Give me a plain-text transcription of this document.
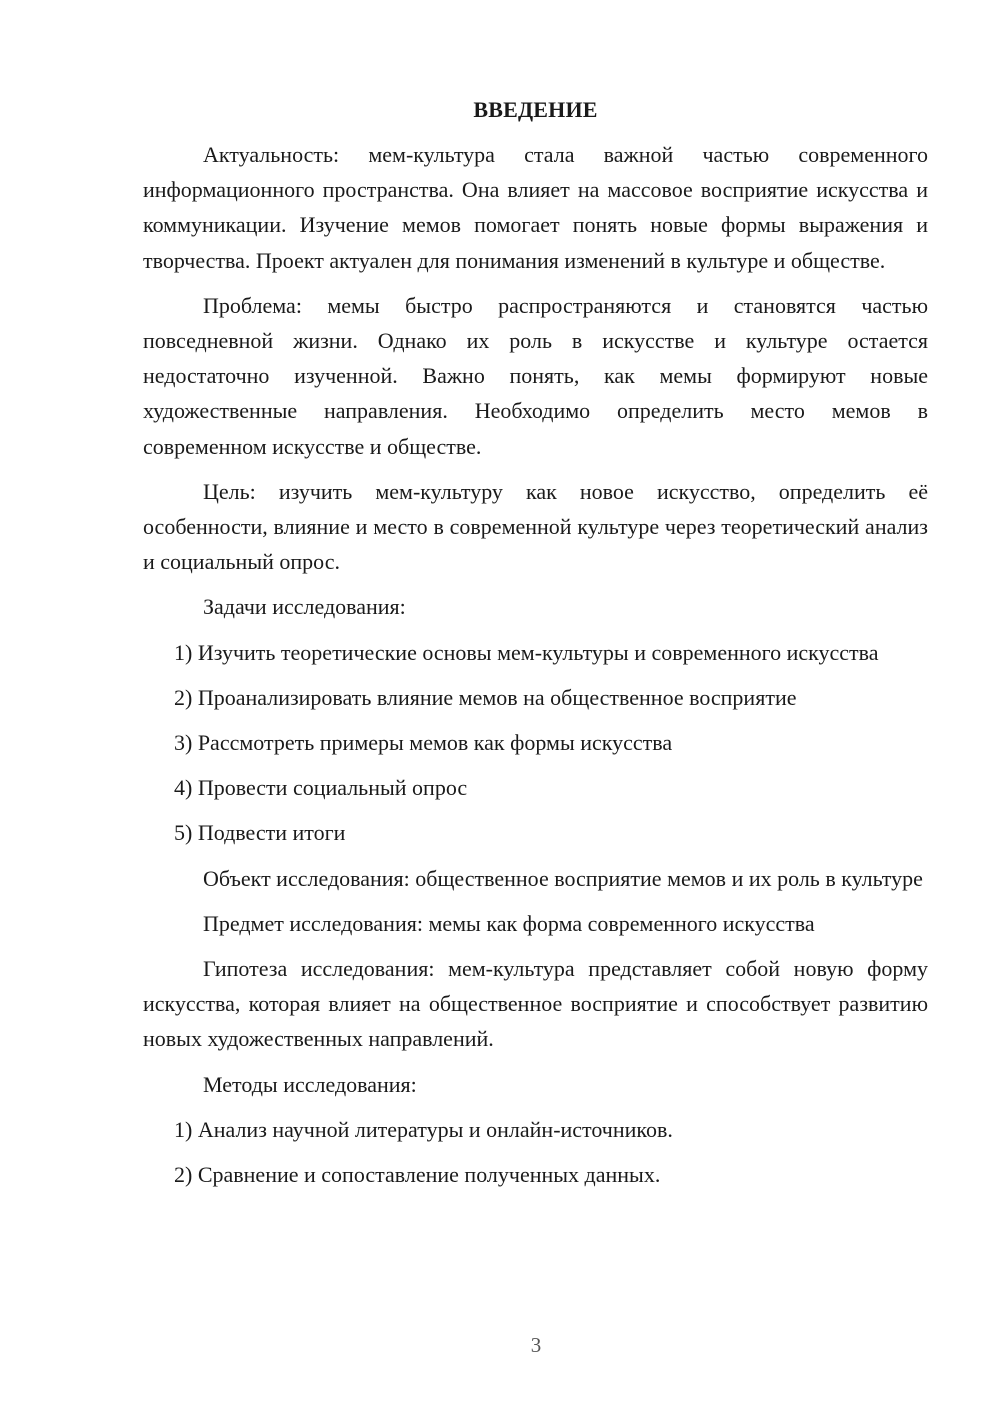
ВВЕДЕНИЕ

Актуальность: мем-культура стала важной частью современного информационного пространства. Она влияет на массовое восприятие искусства и коммуникации. Изучение мемов помогает понять новые формы выражения и творчества. Проект актуален для понимания изменений в культуре и обществе.

Проблема: мемы быстро распространяются и становятся частью повседневной жизни. Однако их роль в искусстве и культуре остается недостаточно изученной. Важно понять, как мемы формируют новые художественные направления. Необходимо определить место мемов в современном искусстве и обществе.

Цель: изучить мем-культуру как новое искусство, определить её особенности, влияние и место в современной культуре через теоретический анализ и социальный опрос.

Задачи исследования:

1) Изучить теоретические основы мем-культуры и современного искусства

2) Проанализировать влияние мемов на общественное восприятие

3) Рассмотреть примеры мемов как формы искусства

4) Провести социальный опрос

5) Подвести итоги

Объект исследования: общественное восприятие мемов и их роль в культуре

Предмет исследования: мемы как форма современного искусства

Гипотеза исследования: мем-культура представляет собой новую форму искусства, которая влияет на общественное восприятие и способствует развитию новых художественных направлений.

Методы исследования:

1) Анализ научной литературы и онлайн-источников.

2) Сравнение и сопоставление полученных данных.

3
